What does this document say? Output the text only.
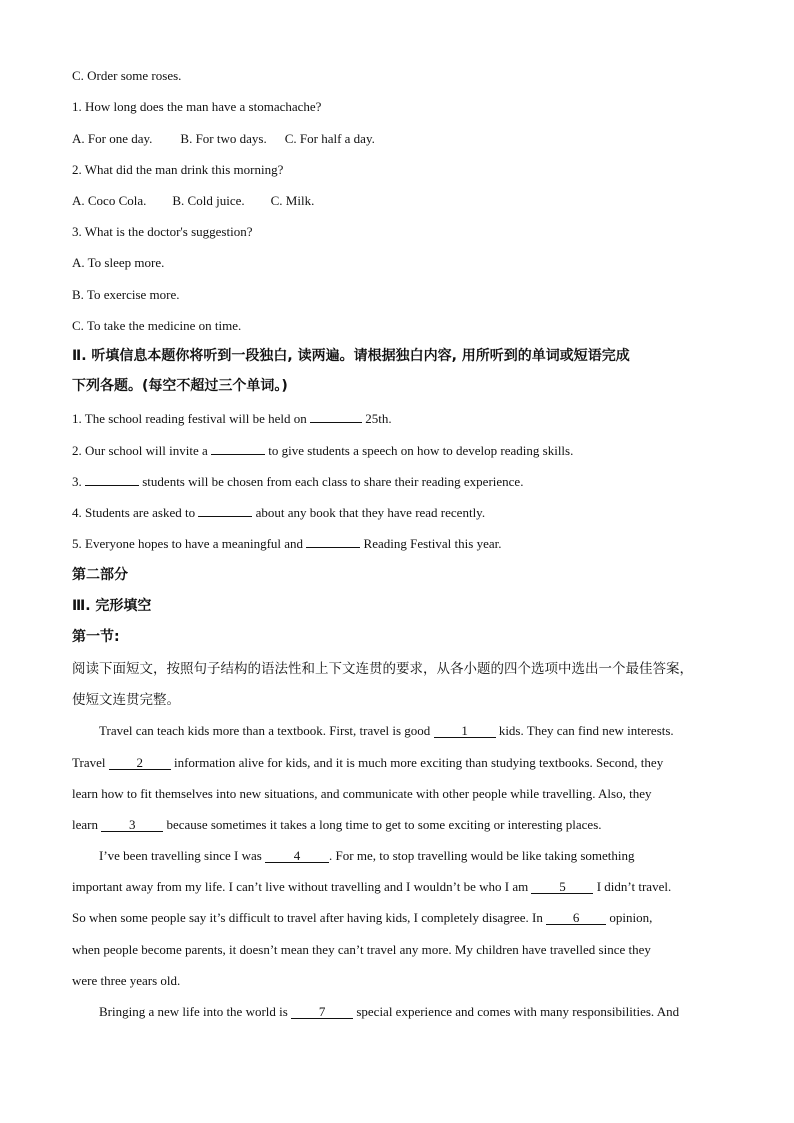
C. Order some roses.
1. How long does the man have a stomachache?
A. For one day. B. For two days. C. For half a day.
2. What did the man drink this morning?
A. Coco Cola. B. Cold juice. C. Milk.
3. What is the doctor's suggestion?
A. To sleep more.
B. To exercise more.
C. To take the medicine on time.
Ⅱ. 听填信息本题你将听到一段独白, 读两遍。请根据独白内容, 用所听到的单词或短语完成
下列各题。(每空不超过三个单词。)
1. The school reading festival will be held on	25th.
2. Our school will invite a	to give students a speech on how to develop reading skills.
3.	students will be chosen from each class to share their reading experience.
4. Students are asked to	about any book that they have read recently.
5. Everyone hopes to have a meaningful and	Reading Festival this year.
第二部分
Ⅲ. 完形填空
第一节:
阅读下面短文，按照句子结构的语法性和上下文连贯的要求，从各小题的四个选项中选出一个最佳答案，
使短文连贯完整。
Travel can teach kids more than a textbook. First, travel is good 1 kids. They can find new interests.
Travel 2 information alive for kids, and it is much more exciting than studying textbooks. Second, they
learn how to fit themselves into new situations, and communicate with other people while travelling. Also, they
learn 3 because sometimes it takes a long time to get to some exciting or interesting places.
I’ve been travelling since I was 4 . For me, to stop travelling would be like taking something
important away from my life. I can’t live without travelling and I wouldn’t be who I am 5 I didn’t travel.
So when some people say it’s difficult to travel after having kids, I completely disagree. In 6 opinion,
when people become parents, it doesn’t mean they can’t travel any more. My children have travelled since they
were three years old.
Bringing a new life into the world is 7 special experience and comes with many responsibilities. And
